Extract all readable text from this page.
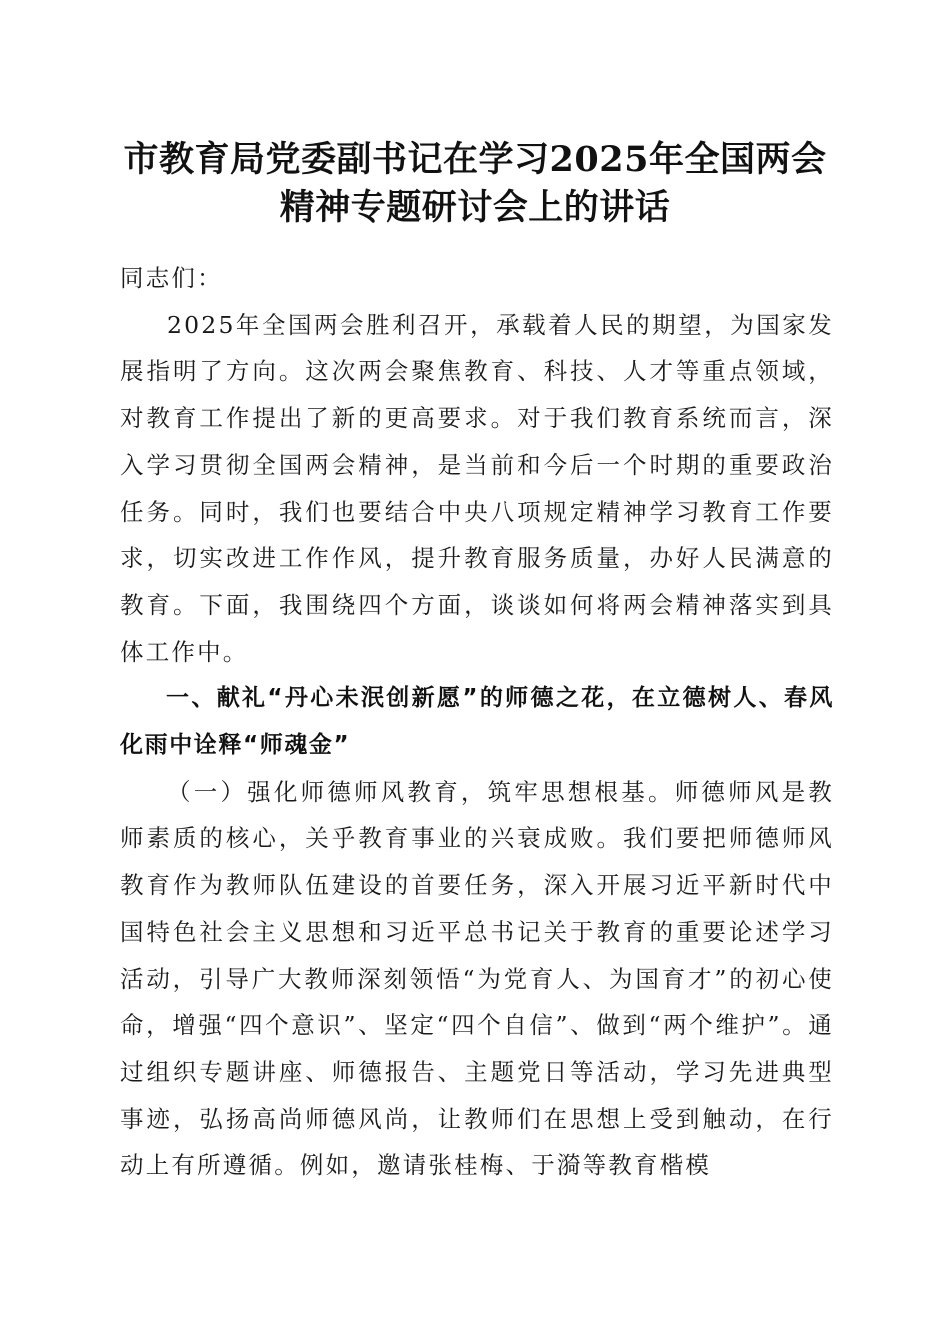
市教育局党委副书记在学习2025年全国两会
精神专题研讨会上的讲话

同志们：

2025年全国两会胜利召开，承载着人民的期望，为国家发展指明了方向。这次两会聚焦教育、科技、人才等重点领域，对教育工作提出了新的更高要求。对于我们教育系统而言，深入学习贯彻全国两会精神，是当前和今后一个时期的重要政治任务。同时，我们也要结合中央八项规定精神学习教育工作要求，切实改进工作作风，提升教育服务质量，办好人民满意的教育。下面，我围绕四个方面，谈谈如何将两会精神落实到具体工作中。

一、献礼“丹心未泯创新愿”的师德之花，在立德树人、春风化雨中诠释“师魂金”

（一）强化师德师风教育，筑牢思想根基。师德师风是教师素质的核心，关乎教育事业的兴衰成败。我们要把师德师风教育作为教师队伍建设的首要任务，深入开展习近平新时代中国特色社会主义思想和习近平总书记关于教育的重要论述学习活动，引导广大教师深刻领悟“为党育人、为国育才”的初心使命，增强“四个意识”、坚定“四个自信”、做到“两个维护”。通过组织专题讲座、师德报告、主题党日等活动，学习先进典型事迹，弘扬高尚师德风尚，让教师们在思想上受到触动，在行动上有所遵循。例如，邀请张桂梅、于漪等教育楷模
